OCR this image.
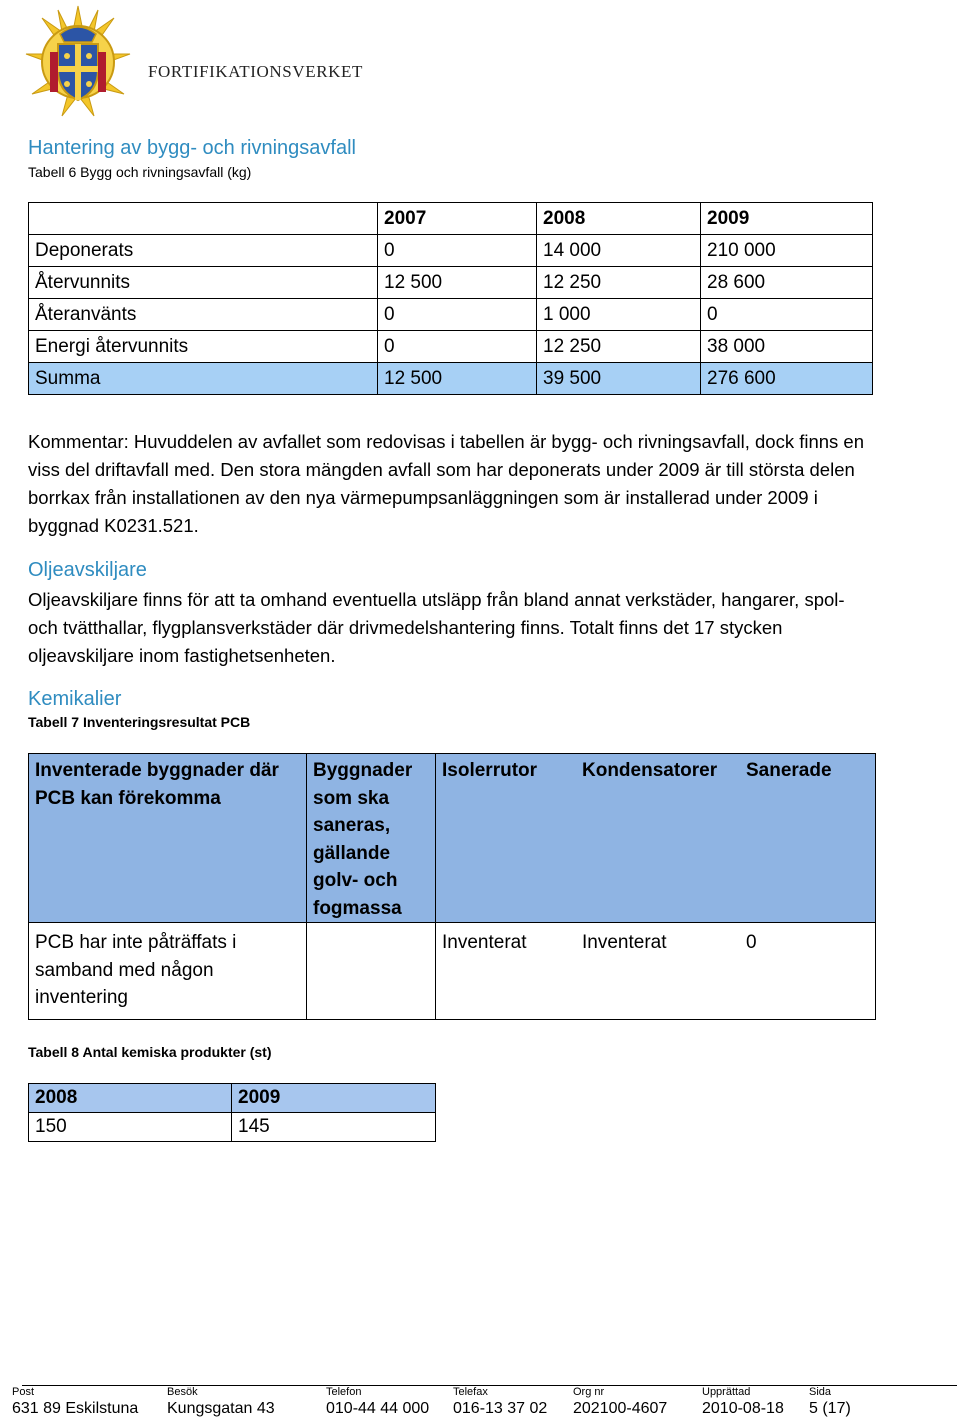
FORTIFIKATIONSVERKET
Hantering av bygg- och rivningsavfall
Tabell 6 Bygg och rivningsavfall (kg)
	2007	2008	2009
Deponerats	0	14 000	210 000
Återvunnits	12 500	12 250	28 600
Återanvänts	0	1 000	0
Energi återvunnits	0	12 250	38 000
Summa	12 500	39 500	276 600
Kommentar: Huvuddelen av avfallet som redovisas i tabellen är bygg- och rivningsavfall, dock finns en viss del driftavfall med. Den stora mängden avfall som har deponerats under 2009 är till största delen borrkax från installationen av den nya värmepumpsanläggningen som är installerad under 2009 i byggnad K0231.521.
Oljeavskiljare
Oljeavskiljare finns för att ta omhand eventuella utsläpp från bland annat verkstäder, hangarer, spol- och tvätthallar, flygplansverkstäder där drivmedelshantering finns. Totalt finns det 17 stycken oljeavskiljare inom fastighetsenheten.
Kemikalier
Tabell 7 Inventeringsresultat PCB
Inventerade byggnader där PCB kan förekomma	Byggnader som ska saneras, gällande golv- och fogmassa	Isolerrutor	Kondensatorer	Sanerade
PCB har inte påträffats i samband med någon inventering		Inventerat	Inventerat	0
Tabell 8 Antal kemiska produkter (st)
2008	2009
150	145
Post	Besök	Telefon	Telefax	Org nr	Upprättad	Sida
631 89 Eskilstuna Kungsgatan 43	010-44 44 000 016-13 37 02 202100-4607 2010-08-18 5 (17)
